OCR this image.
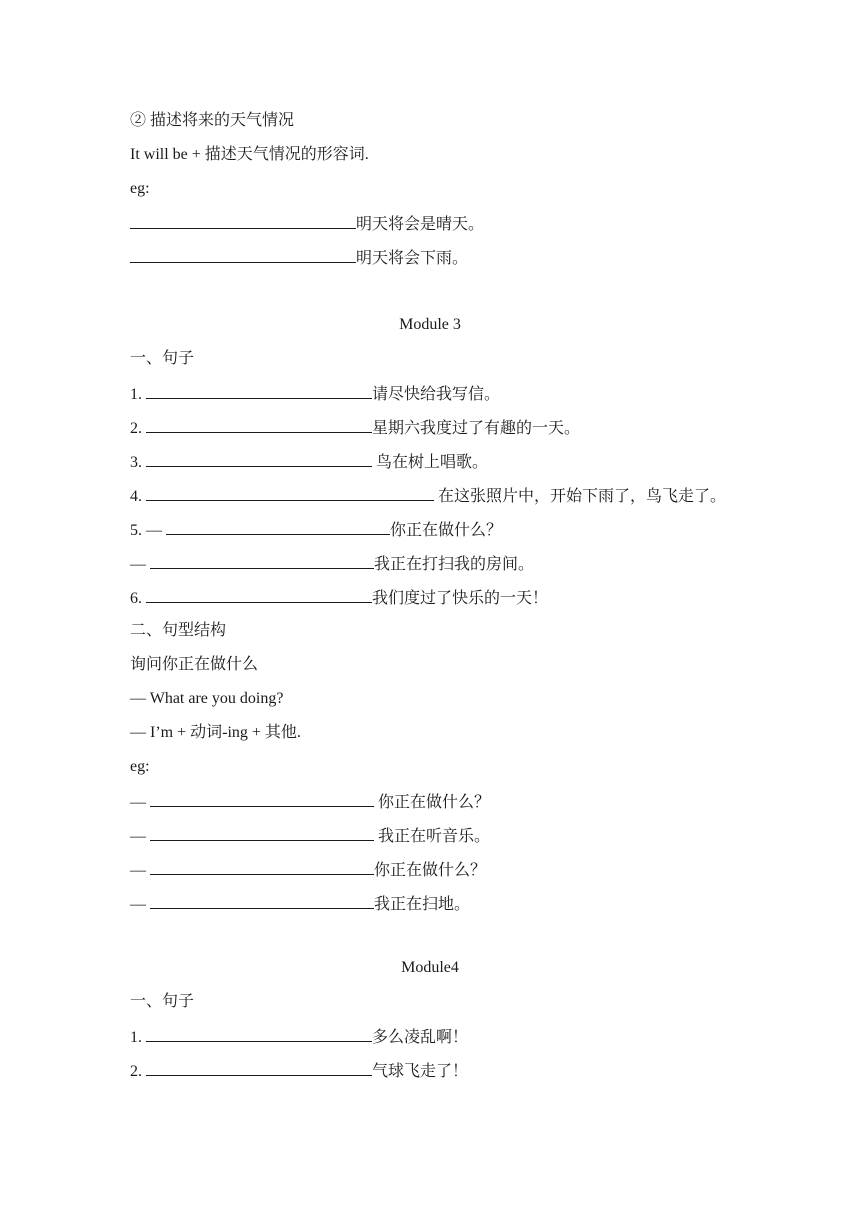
② 描述将来的天气情况
It will be + 描述天气情况的形容词.
eg:
明天将会是晴天。
明天将会下雨。
Module 3
一、句子
1.	请尽快给我写信。
2.	星期六我度过了有趣的一天。
3.	鸟在树上唱歌。
4.	在这张照片中，开始下雨了，鸟飞走了。
5. —	你正在做什么？
—	我正在打扫我的房间。
6.	我们度过了快乐的一天！
二、句型结构
询问你正在做什么
— What are you doing?
— I’m + 动词-ing + 其他.
eg:
—	你正在做什么？
—	我正在听音乐。
—	你正在做什么？
—	我正在扫地。
Module4
一、句子
1.	多么凌乱啊！
2.	气球飞走了！
